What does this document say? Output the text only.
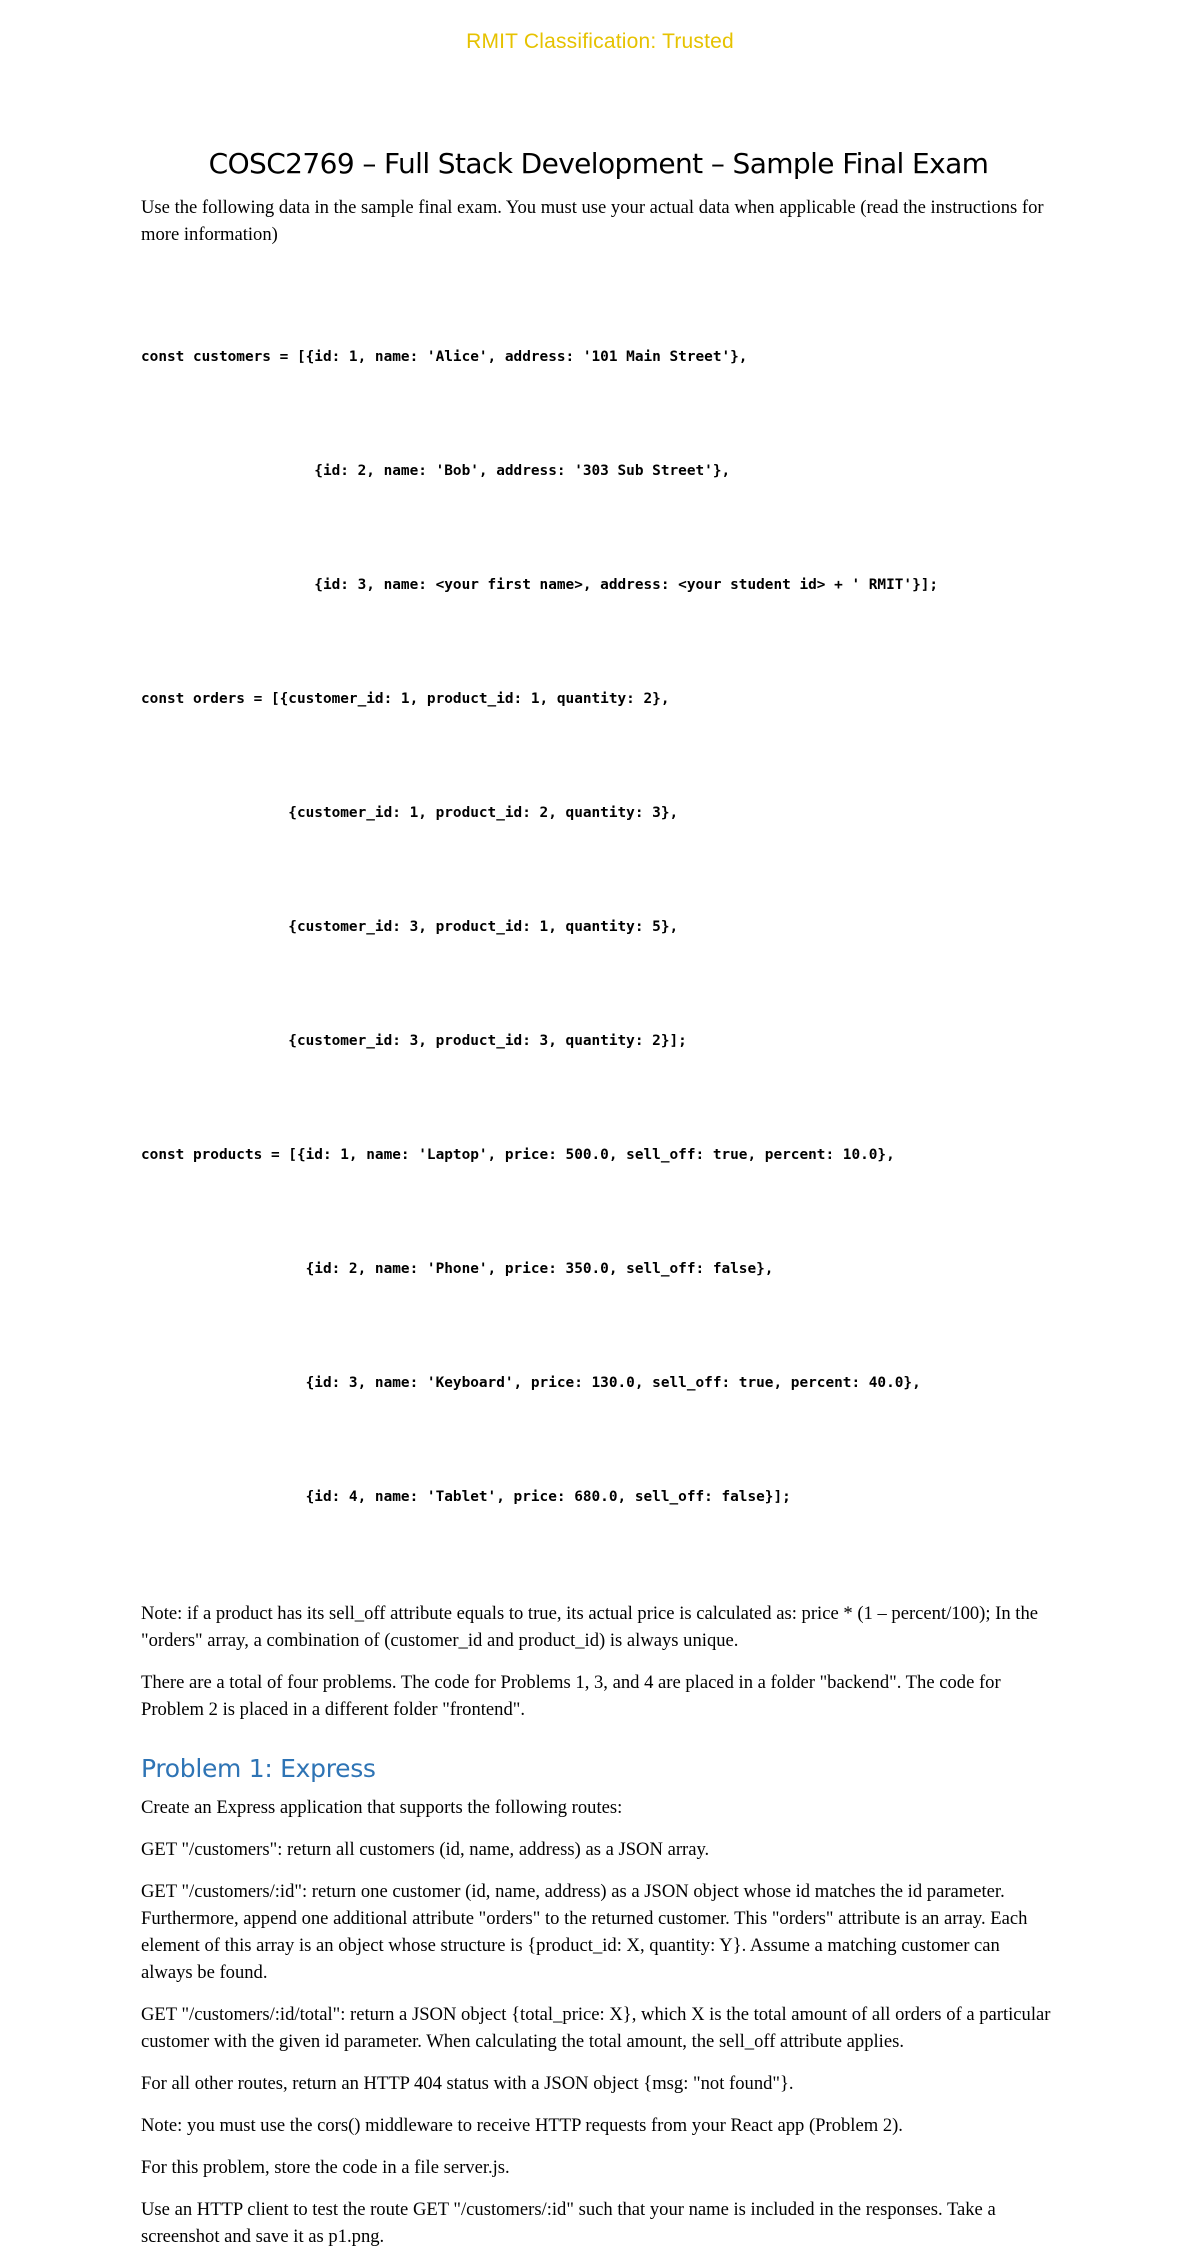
RMIT Classification: Trusted
COSC2769 – Full Stack Development – Sample Final Exam

Use the following data in the sample final exam. You must use your actual data when applicable (read the instructions for more information)

const customers = [{id: 1, name: 'Alice', address: '101 Main Street'},

{id: 2, name: 'Bob', address: '303 Sub Street'},

{id: 3, name: <your first name>, address: <your student id> + ' RMIT'}];

const orders = [{customer_id: 1, product_id: 1, quantity: 2},

{customer_id: 1, product_id: 2, quantity: 3},

{customer_id: 3, product_id: 1, quantity: 5},

{customer_id: 3, product_id: 3, quantity: 2}];

const products = [{id: 1, name: 'Laptop', price: 500.0, sell_off: true, percent: 10.0},

{id: 2, name: 'Phone', price: 350.0, sell_off: false},

{id: 3, name: 'Keyboard', price: 130.0, sell_off: true, percent: 40.0},

{id: 4, name: 'Tablet', price: 680.0, sell_off: false}];

Note: if a product has its sell_off attribute equals to true, its actual price is calculated as: price * (1 – percent/100); In the "orders" array, a combination of (customer_id and product_id) is always unique.

There are a total of four problems. The code for Problems 1, 3, and 4 are placed in a folder "backend". The code for Problem 2 is placed in a different folder "frontend".

Problem 1: Express

Create an Express application that supports the following routes:

GET "/customers": return all customers (id, name, address) as a JSON array.

GET "/customers/:id": return one customer (id, name, address) as a JSON object whose id matches the id parameter. Furthermore, append one additional attribute "orders" to the returned customer. This "orders" attribute is an array. Each element of this array is an object whose structure is {product_id: X, quantity: Y}. Assume a matching customer can always be found.

GET "/customers/:id/total": return a JSON object {total_price: X}, which X is the total amount of all orders of a particular customer with the given id parameter. When calculating the total amount, the sell_off attribute applies.

For all other routes, return an HTTP 404 status with a JSON object {msg: "not found"}.

Note: you must use the cors() middleware to receive HTTP requests from your React app (Problem 2).

For this problem, store the code in a file server.js.

Use an HTTP client to test the route GET "/customers/:id" such that your name is included in the responses. Take a screenshot and save it as p1.png.
